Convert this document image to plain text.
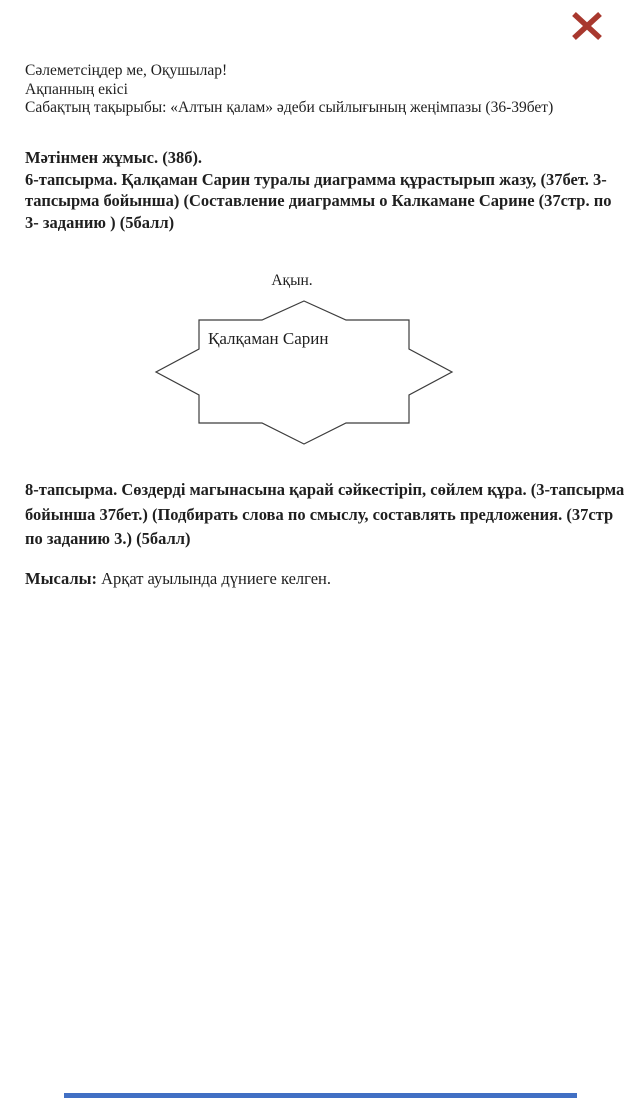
Сәлеметсіңдер ме, Оқушылар!
Ақпанның екісі
Сабақтың тақырыбы: «Алтын қалам» әдеби сыйлығының жеңімпазы (36-39бет)
Мәтінмен жұмыс. (38б).
6-тапсырма. Қалқаман Сарин туралы диаграмма құрастырып жазу, (37бет. 3-тапсырма бойынша) (Составление диаграммы о Калкамане Сарине (37стр. по 3- заданию ) (5балл)
Ақын.
Қалқаман Сарин
8-тапсырма. Сөздерді магынасына қарай сәйкестіріп, сөйлем құра. (3-тапсырма бойынша 37бет.) (Подбирать слова по смыслу, составлять предложения. (37стр по заданию 3.) (5балл)
Мысалы: Арқат ауылында дүниеге келген.
